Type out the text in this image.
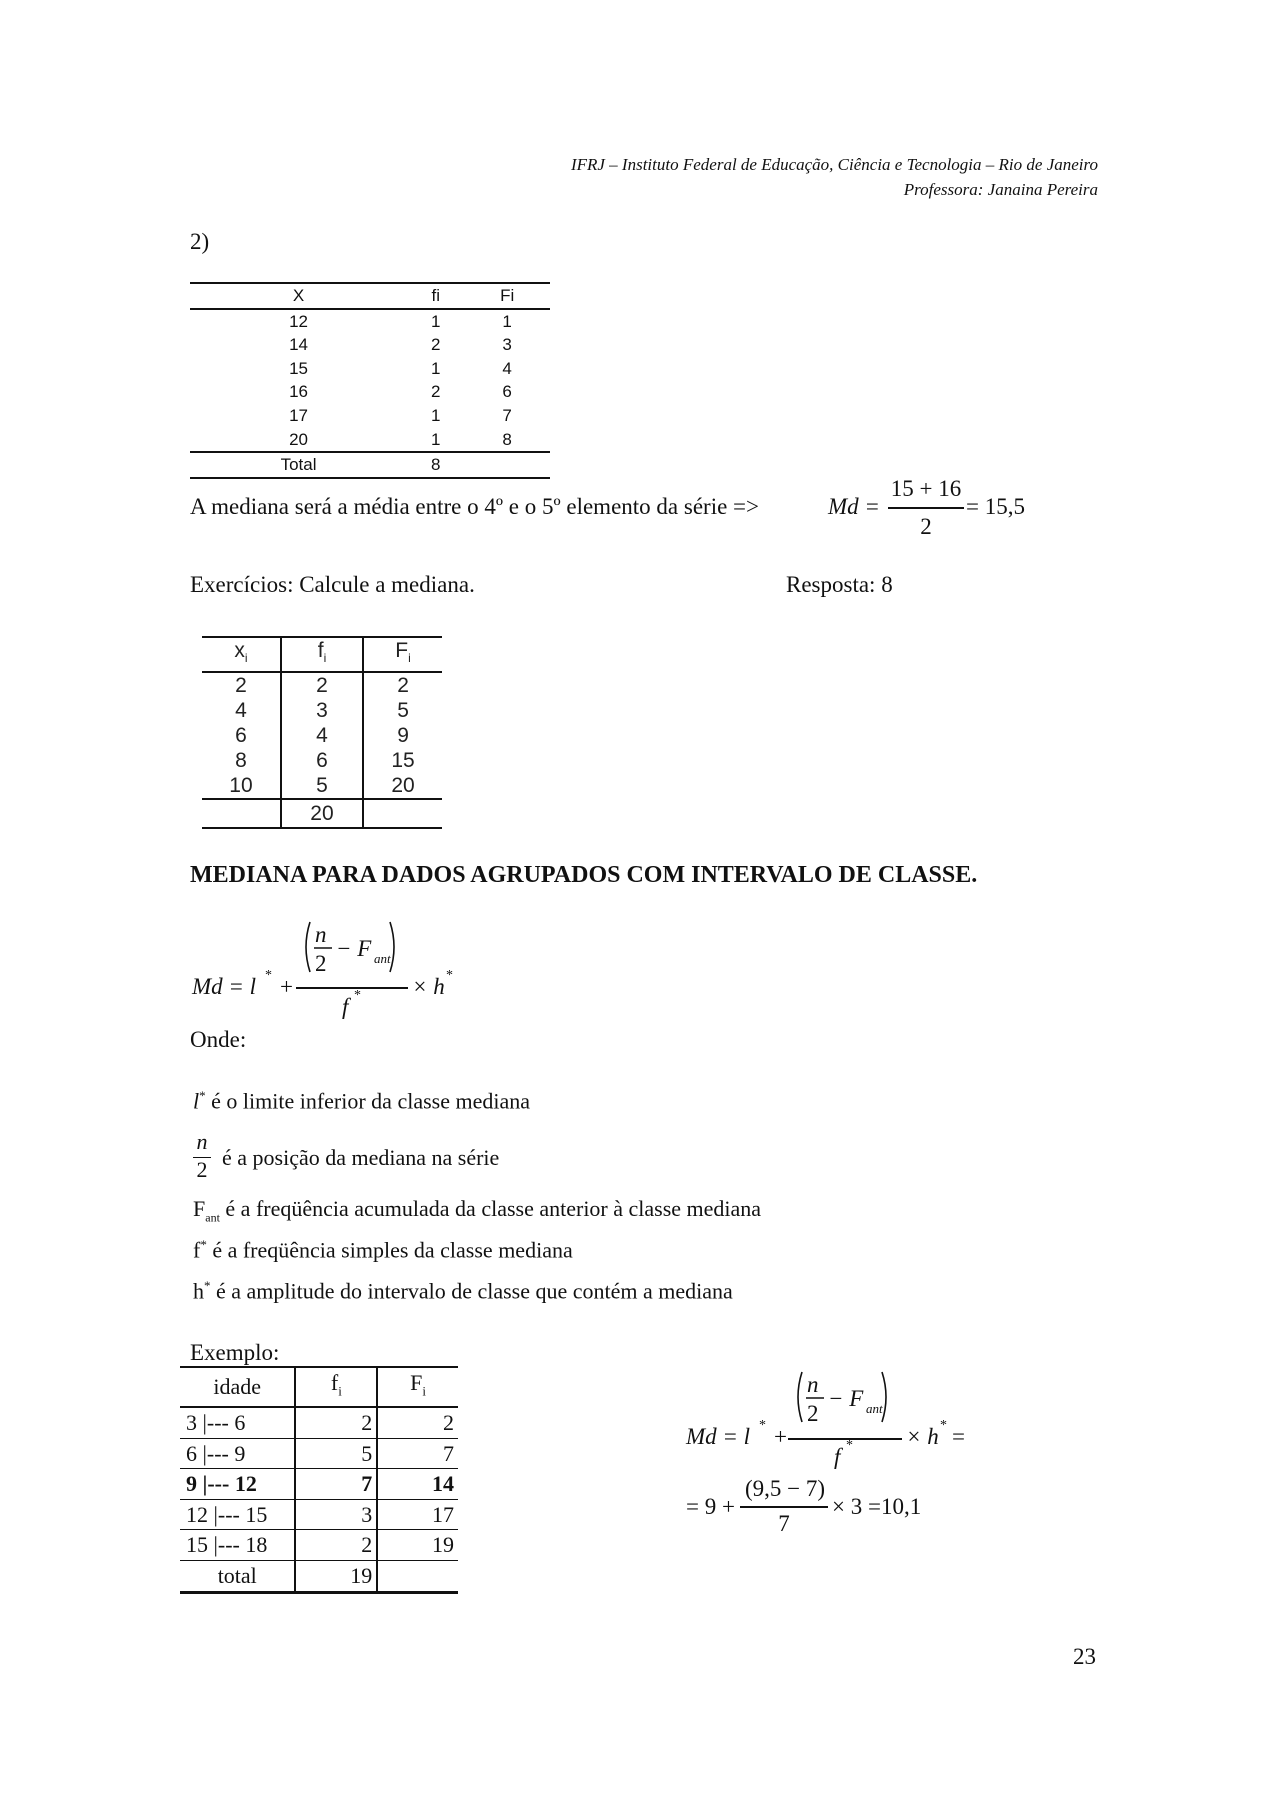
IFRJ – Instituto Federal de Educação, Ciência e Tecnologia – Rio de Janeiro
Professora: Janaina Pereira
2)
X	fi	Fi
12	1	1
14	2	3
15	1	4
16	2	6
17	1	7
20	1	8
Total	8	
A mediana será a média entre o 4º e o 5º elemento da série =>	Md =
15 + 16
2
= 15,5
Exercícios: Calcule a mediana.	Resposta: 8
$x_i$	$f_i$	$F_i$
2	2	2
4	3	5
6	4	9
8	6	15
10	5	20
	20	
MEDIANA PARA DADOS AGRUPADOS COM INTERVALO DE CLASSE.
Md = l * +
n
2
− F ant
f * × h *
Onde:
l* é o limite inferior da classe mediana
n
2 é a posição da mediana na série
$F_{ant}$ é a freqüência acumulada da classe anterior à classe mediana
f* é a freqüência simples da classe mediana
h* é a amplitude do intervalo de classe que contém a mediana
Exemplo:
idade	$f_i$	$F_i$
3 |--- 6	2	2
6 |--- 9	5	7
9 |--- 12	7	14
12 |--- 15	3	17
15 |--- 18	2	19
total	19	
Md = l * +
n
2
− F ant
f * × h * =
= 9 +
(9,5 − 7)
7
× 3 =10,1
23
